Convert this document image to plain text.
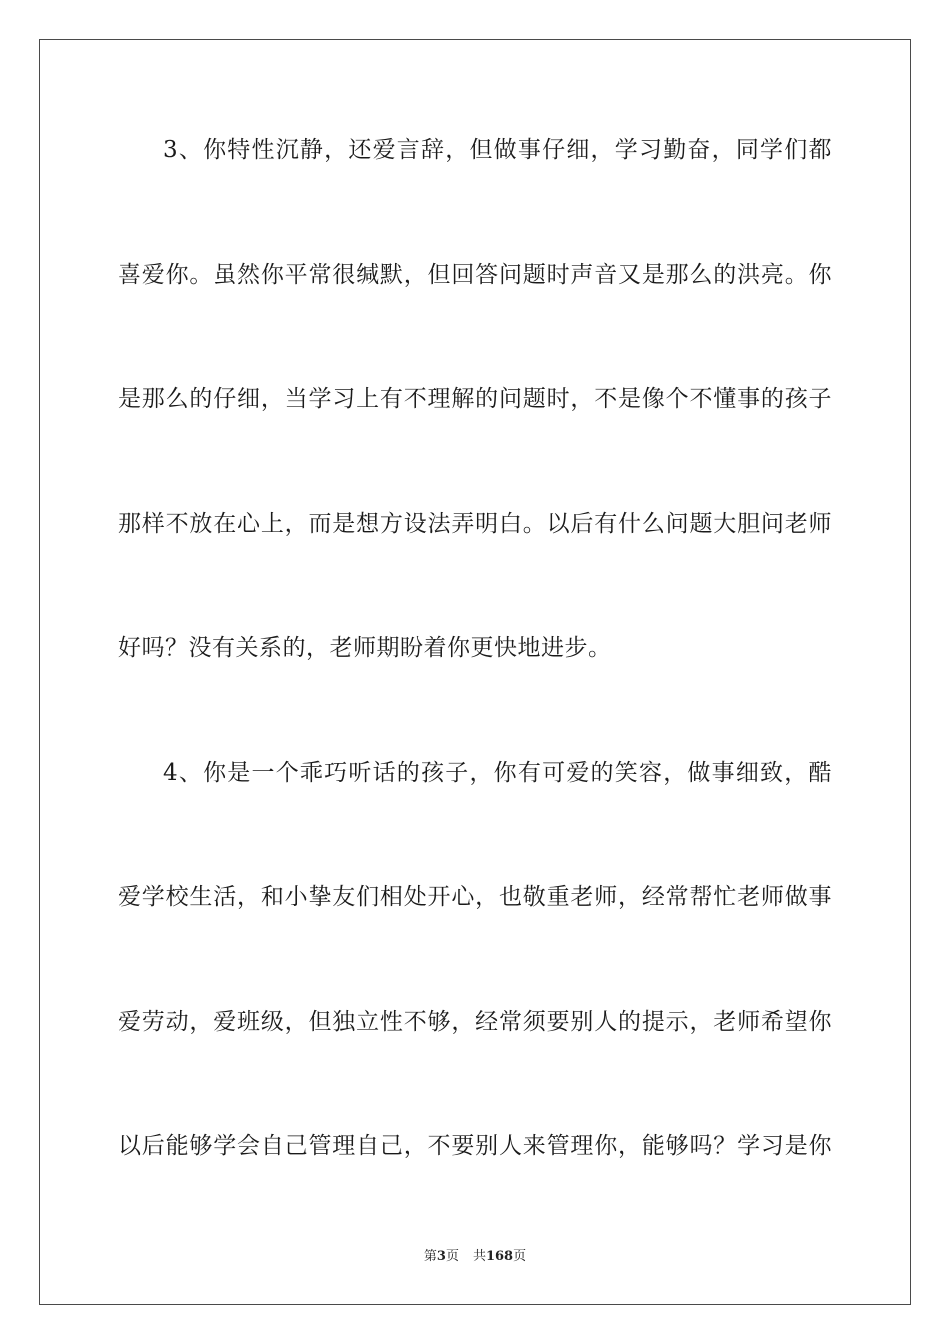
3、你特性沉静，还爱言辞，但做事仔细，学习勤奋，同学们都
喜爱你。虽然你平常很缄默，但回答问题时声音又是那么的洪亮。你
是那么的仔细，当学习上有不理解的问题时，不是像个不懂事的孩子
那样不放在心上，而是想方设法弄明白。以后有什么问题大胆问老师
好吗？没有关系的，老师期盼着你更快地进步。
4、你是一个乖巧听话的孩子，你有可爱的笑容，做事细致，酷
爱学校生活，和小挚友们相处开心，也敬重老师，经常帮忙老师做事
爱劳动，爱班级，但独立性不够，经常须要别人的提示，老师希望你
以后能够学会自己管理自己，不要别人来管理你，能够吗？学习是你
第3页 共168页
